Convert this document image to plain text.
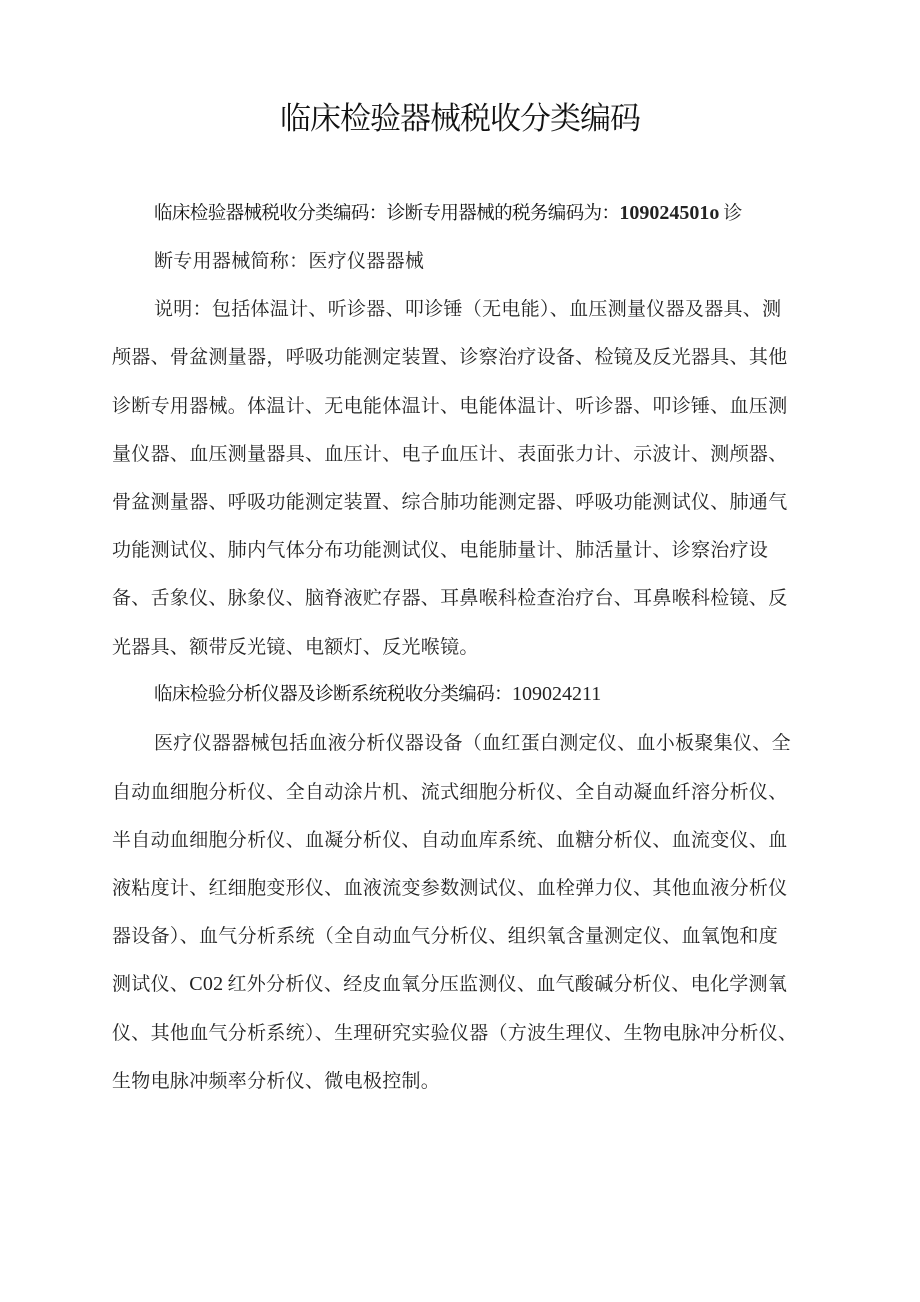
临床检验器械税收分类编码
临床检验器械税收分类编码：诊断专用器械的税务编码为：109024501o 诊
断专用器械简称：医疗仪器器械
说明：包括体温计、听诊器、叩诊锤（无电能）、血压测量仪器及器具、测
颅器、骨盆测量器，呼吸功能测定装置、诊察治疗设备、检镜及反光器具、其他
诊断专用器械。体温计、无电能体温计、电能体温计、听诊器、叩诊锤、血压测
量仪器、血压测量器具、血压计、电子血压计、表面张力计、示波计、测颅器、
骨盆测量器、呼吸功能测定装置、综合肺功能测定器、呼吸功能测试仪、肺通气
功能测试仪、肺内气体分布功能测试仪、电能肺量计、肺活量计、诊察治疗设
备、舌象仪、脉象仪、脑脊液贮存器、耳鼻喉科检查治疗台、耳鼻喉科检镜、反
光器具、额带反光镜、电额灯、反光喉镜。
临床检验分析仪器及诊断系统税收分类编码：109024211
医疗仪器器械包括血液分析仪器设备（血红蛋白测定仪、血小板聚集仪、全
自动血细胞分析仪、全自动涂片机、流式细胞分析仪、全自动凝血纤溶分析仪、
半自动血细胞分析仪、血凝分析仪、自动血库系统、血糖分析仪、血流变仪、血
液粘度计、红细胞变形仪、血液流变参数测试仪、血栓弹力仪、其他血液分析仪
器设备）、血气分析系统（全自动血气分析仪、组织氧含量测定仪、血氧饱和度
测试仪、C02 红外分析仪、经皮血氧分压监测仪、血气酸碱分析仪、电化学测氧
仪、其他血气分析系统）、生理研究实验仪器（方波生理仪、生物电脉冲分析仪、
生物电脉冲频率分析仪、微电极控制。
